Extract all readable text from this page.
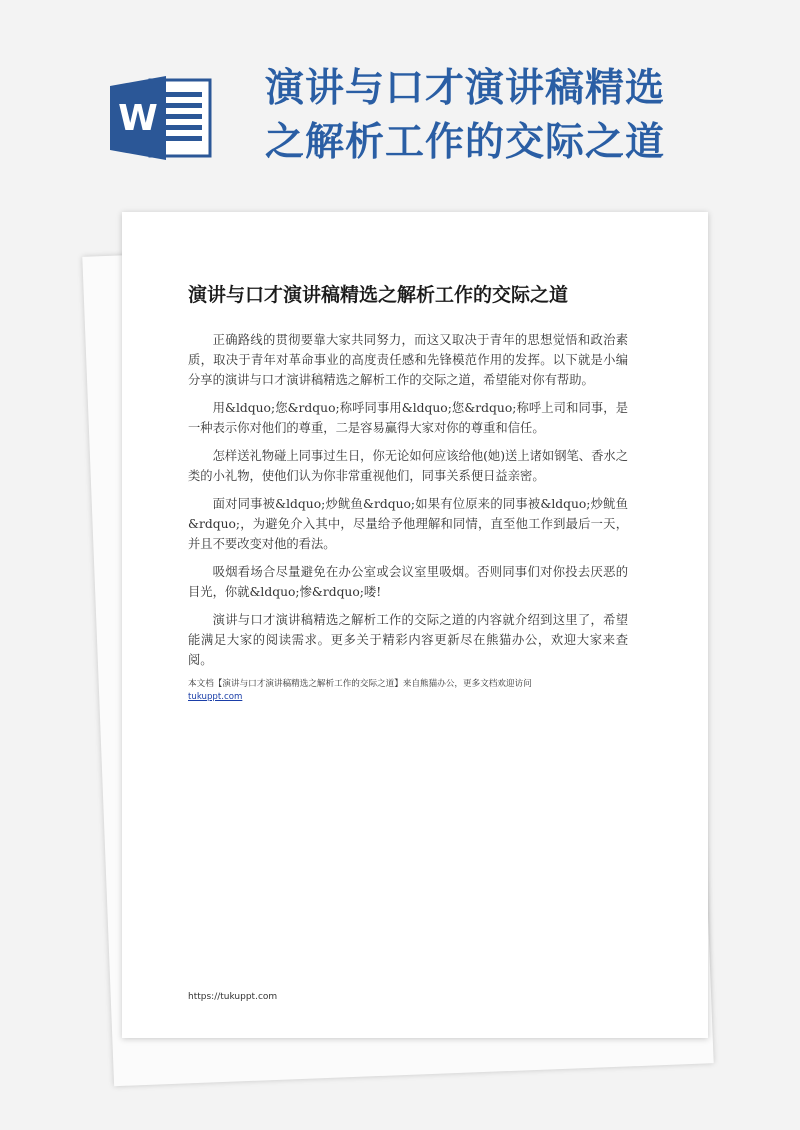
W
演讲与口才演讲稿精选
之解析工作的交际之道
演讲与口才演讲稿精选之解析工作的交际之道

正确路线的贯彻要靠大家共同努力，而这又取决于青年的思想觉悟和政治素质，取决于青年对革命事业的高度责任感和先锋模范作用的发挥。以下就是小编分享的演讲与口才演讲稿精选之解析工作的交际之道，希望能对你有帮助。

用&ldquo;您&rdquo;称呼同事用&ldquo;您&rdquo;称呼上司和同事，是一种表示你对他们的尊重，二是容易赢得大家对你的尊重和信任。

怎样送礼物碰上同事过生日，你无论如何应该给他(她)送上诸如钢笔、香水之类的小礼物，使他们认为你非常重视他们，同事关系便日益亲密。

面对同事被&ldquo;炒鱿鱼&rdquo;如果有位原来的同事被&ldquo;炒鱿鱼&rdquo;，为避免介入其中，尽量给予他理解和同情，直至他工作到最后一天，并且不要改变对他的看法。

吸烟看场合尽量避免在办公室或会议室里吸烟。否则同事们对你投去厌恶的目光，你就&ldquo;惨&rdquo;喽!

演讲与口才演讲稿精选之解析工作的交际之道的内容就介绍到这里了，希望能满足大家的阅读需求。更多关于精彩内容更新尽在熊猫办公，欢迎大家来查阅。

本文档【演讲与口才演讲稿精选之解析工作的交际之道】来自熊猫办公，更多文档欢迎访问
tukuppt.com
https://tukuppt.com
